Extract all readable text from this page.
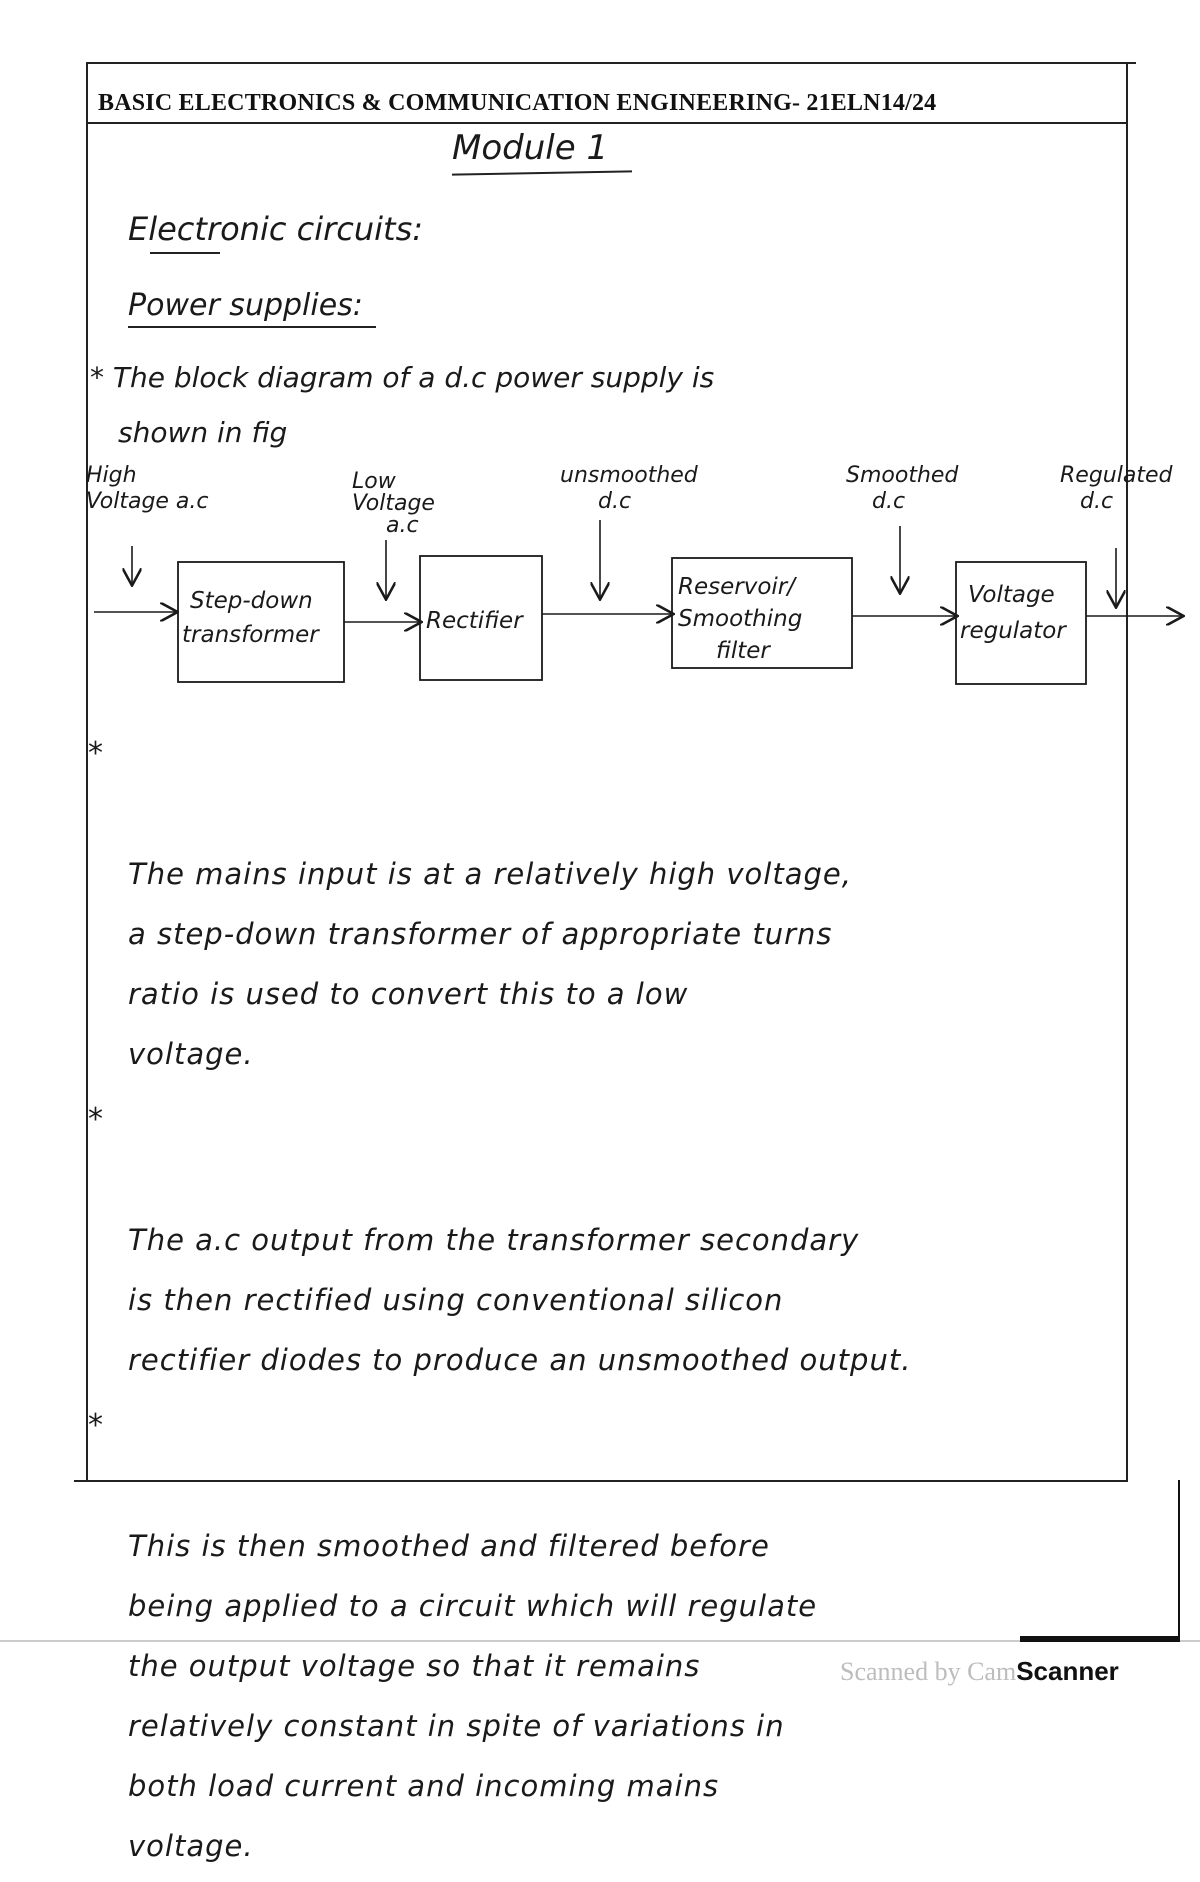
BASIC ELECTRONICS & COMMUNICATION ENGINEERING- 21ELN14/24
Module 1
Electronic circuits:
Power supplies:
* The block diagram of a d.c power supply is
shown in fig
High
Voltage a.c
Low
Voltage
a.c
unsmoothed
d.c
Smoothed
d.c
Regulated
d.c
Step-down
transformer
Rectifier
Reservoir/
Smoothing
filter
Voltage
regulator

*

The mains input is at a relatively high voltage,
a step-down transformer of appropriate turns
ratio is used to convert this to a low
voltage.

*

The a.c output from the transformer secondary
is then rectified using conventional silicon
rectifier diodes to produce an unsmoothed output.

*

This is then smoothed and filtered before
being applied to a circuit which will regulate
the output voltage so that it remains
relatively constant in spite of variations in
both load current and incoming mains
voltage.

Scanned by CamScanner
